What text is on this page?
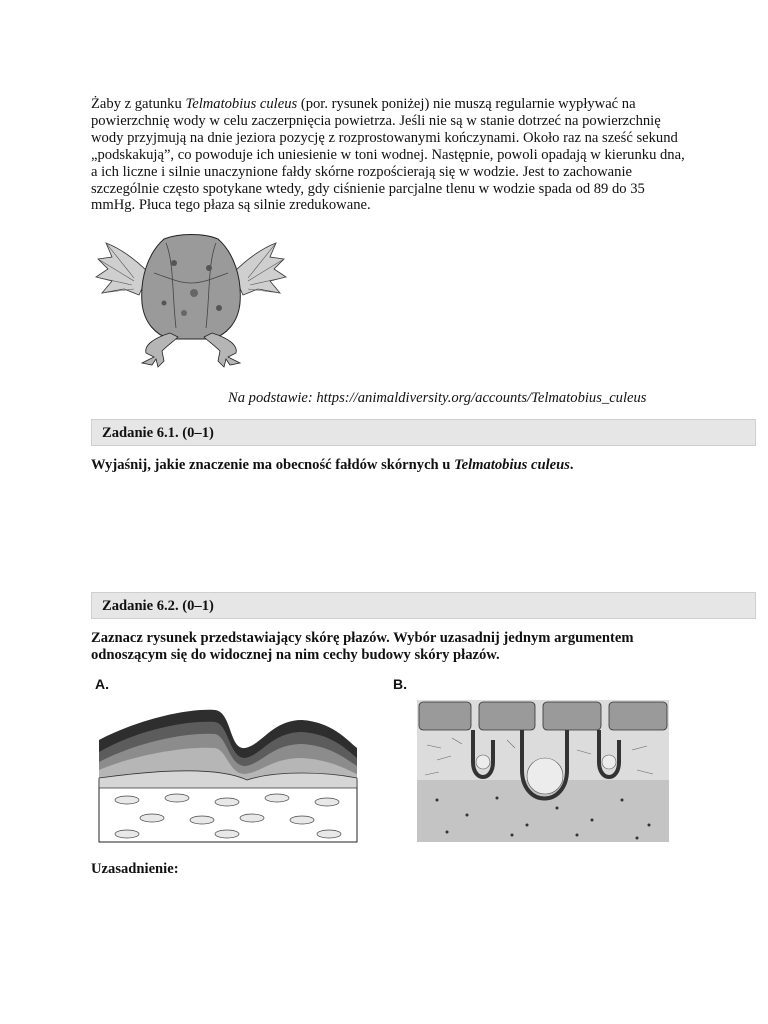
Żaby z gatunku Telmatobius culeus (por. rysunek poniżej) nie muszą regularnie wypływać na powierzchnię wody w celu zaczerpnięcia powietrza. Jeśli nie są w stanie dotrzeć na powierzchnię wody przyjmują na dnie jeziora pozycję z rozprostowanymi kończynami. Około raz na sześć sekund „podskakują”, co powoduje ich uniesienie w toni wodnej. Następnie, powoli opadają w kierunku dna, a ich liczne i silnie unaczynione fałdy skórne rozpościerają się w wodzie. Jest to zachowanie szczególnie często spotykane wtedy, gdy ciśnienie parcjalne tlenu w wodzie spada od 89 do 35 mmHg. Płuca tego płaza są silnie zredukowane.

Na podstawie: https://animaldiversity.org/accounts/Telmatobius_culeus
Zadanie 6.1. (0–1)
Wyjaśnij, jakie znaczenie ma obecność fałdów skórnych u Telmatobius culeus.
Zadanie 6.2. (0–1)
Zaznacz rysunek przedstawiający skórę płazów. Wybór uzasadnij jednym argumentem odnoszącym się do widocznej na nim cechy budowy skóry płazów.
A.	B.
Uzasadnienie:
